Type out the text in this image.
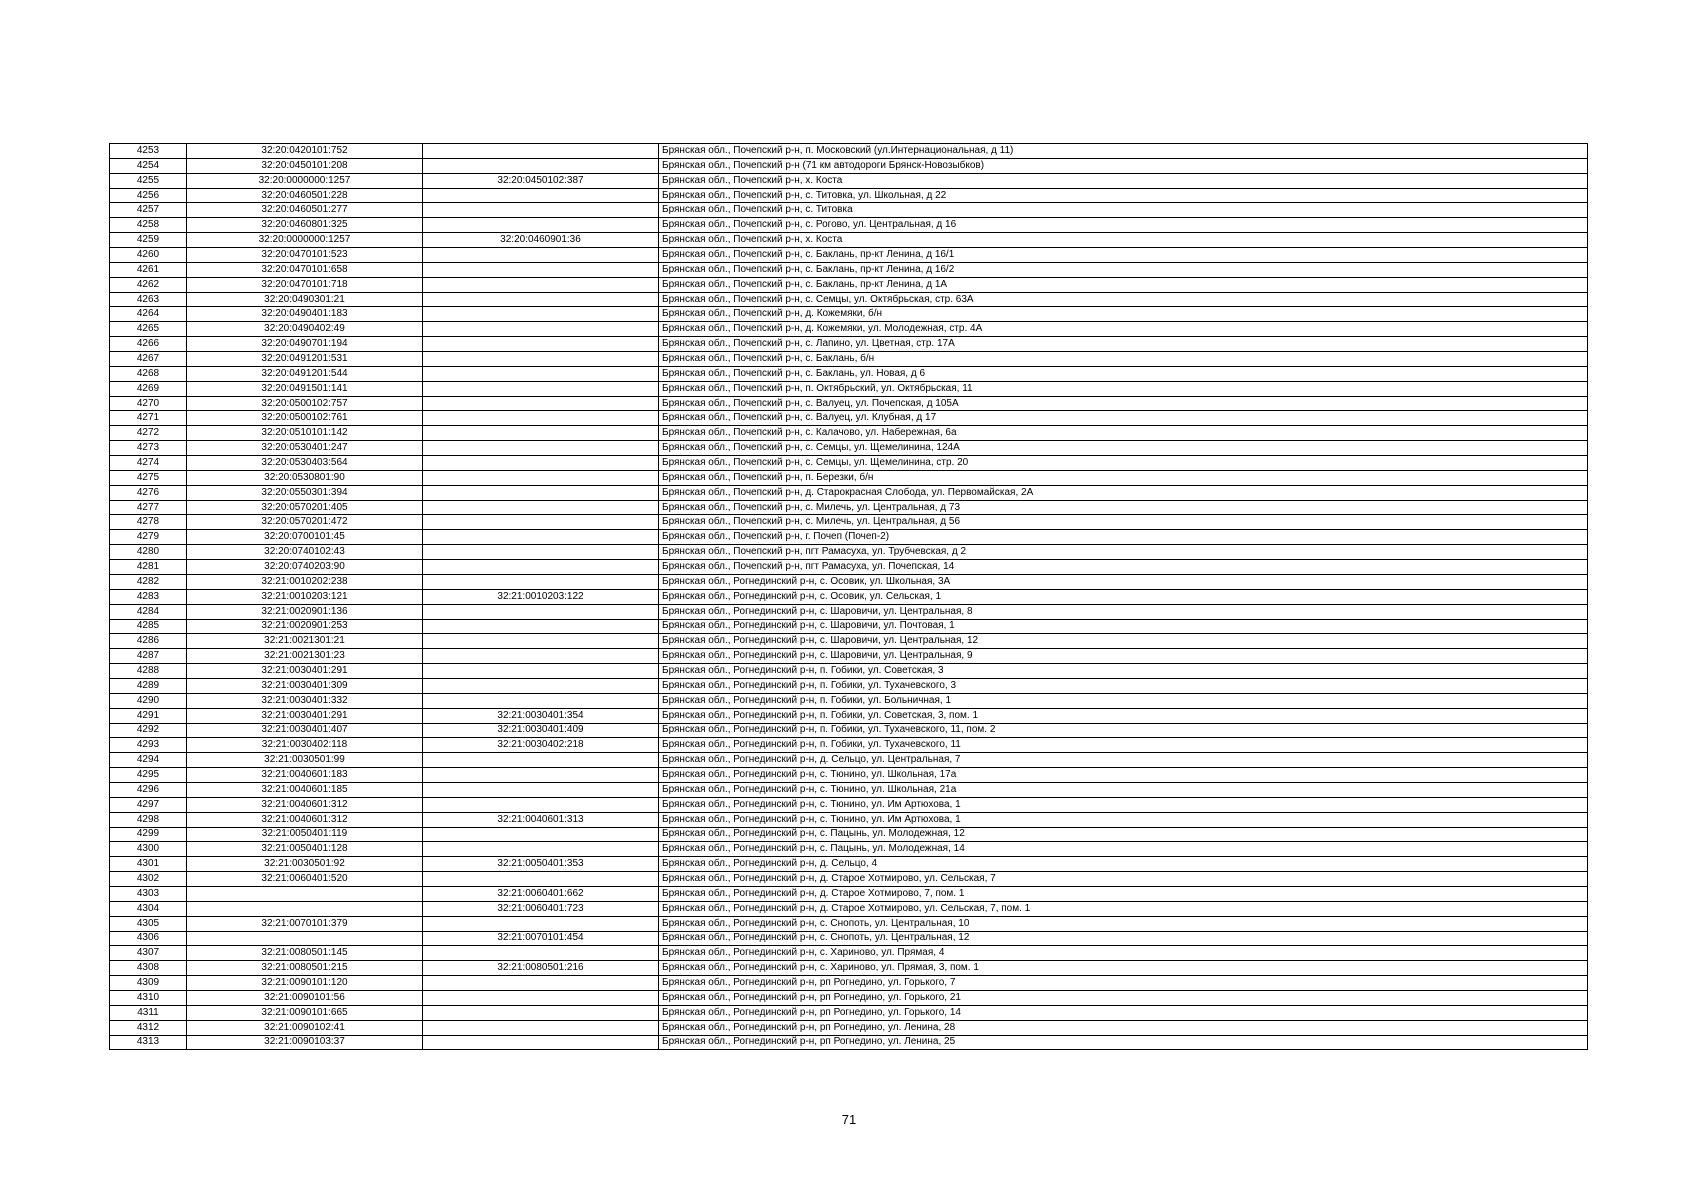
4253	32:20:0420101:752		Брянская обл., Почепский р-н, п. Московский (ул.Интернациональная, д 11)
4254	32:20:0450101:208		Брянская обл., Почепский р-н (71 км автодороги Брянск-Новозыбков)
4255	32:20:0000000:1257	32:20:0450102:387	Брянская обл., Почепский р-н, х. Коста
4256	32:20:0460501:228		Брянская обл., Почепский р-н, с. Титовка, ул. Школьная, д 22
4257	32:20:0460501:277		Брянская обл., Почепский р-н, с. Титовка
4258	32:20:0460801:325		Брянская обл., Почепский р-н, с. Рогово, ул. Центральная, д 16
4259	32:20:0000000:1257	32:20:0460901:36	Брянская обл., Почепский р-н, х. Коста
4260	32:20:0470101:523		Брянская обл., Почепский р-н, с. Баклань, пр-кт Ленина, д 16/1
4261	32:20:0470101:658		Брянская обл., Почепский р-н, с. Баклань, пр-кт Ленина, д 16/2
4262	32:20:0470101:718		Брянская обл., Почепский р-н, с. Баклань, пр-кт Ленина, д 1А
4263	32:20:0490301:21		Брянская обл., Почепский р-н, с. Семцы, ул. Октябрьская, стр. 63А
4264	32:20:0490401:183		Брянская обл., Почепский р-н, д. Кожемяки, б/н
4265	32:20:0490402:49		Брянская обл., Почепский р-н, д. Кожемяки, ул. Молодежная, стр. 4А
4266	32:20:0490701:194		Брянская обл., Почепский р-н, с. Лапино, ул. Цветная, стр. 17А
4267	32:20:0491201:531		Брянская обл., Почепский р-н, с. Баклань, б/н
4268	32:20:0491201:544		Брянская обл., Почепский р-н, с. Баклань, ул. Новая, д 6
4269	32:20:0491501:141		Брянская обл., Почепский р-н, п. Октябрьский, ул. Октябрьская, 11
4270	32:20:0500102:757		Брянская обл., Почепский р-н, с. Валуец, ул. Почепская, д 105А
4271	32:20:0500102:761		Брянская обл., Почепский р-н, с. Валуец, ул. Клубная, д 17
4272	32:20:0510101:142		Брянская обл., Почепский р-н, с. Калачово, ул. Набережная, 6а
4273	32:20:0530401:247		Брянская обл., Почепский р-н, с. Семцы, ул. Щемелинина, 124А
4274	32:20:0530403:564		Брянская обл., Почепский р-н, с. Семцы, ул. Щемелинина, стр. 20
4275	32:20:0530801:90		Брянская обл., Почепский р-н, п. Березки, б/н
4276	32:20:0550301:394		Брянская обл., Почепский р-н, д. Старокрасная Слобода, ул. Первомайская, 2А
4277	32:20:0570201:405		Брянская обл., Почепский р-н, с. Милечь, ул. Центральная, д 73
4278	32:20:0570201:472		Брянская обл., Почепский р-н, с. Милечь, ул. Центральная, д 56
4279	32:20:0700101:45		Брянская обл., Почепский р-н, г. Почеп (Почеп-2)
4280	32:20:0740102:43		Брянская обл., Почепский р-н, пгт Рамасуха, ул. Трубчевская, д 2
4281	32:20:0740203:90		Брянская обл., Почепский р-н, пгт Рамасуха, ул. Почепская, 14
4282	32:21:0010202:238		Брянская обл., Рогнединский р-н, с. Осовик, ул. Школьная, 3А
4283	32:21:0010203:121	32:21:0010203:122	Брянская обл., Рогнединский р-н, с. Осовик, ул. Сельская, 1
4284	32:21:0020901:136		Брянская обл., Рогнединский р-н, с. Шаровичи, ул. Центральная, 8
4285	32:21:0020901:253		Брянская обл., Рогнединский р-н, с. Шаровичи, ул. Почтовая, 1
4286	32:21:0021301:21		Брянская обл., Рогнединский р-н, с. Шаровичи, ул. Центральная, 12
4287	32:21:0021301:23		Брянская обл., Рогнединский р-н, с. Шаровичи, ул. Центральная, 9
4288	32:21:0030401:291		Брянская обл., Рогнединский р-н, п. Гобики, ул. Советская, 3
4289	32:21:0030401:309		Брянская обл., Рогнединский р-н, п. Гобики, ул. Тухачевского, 3
4290	32:21:0030401:332		Брянская обл., Рогнединский р-н, п. Гобики, ул. Больничная, 1
4291	32:21:0030401:291	32:21:0030401:354	Брянская обл., Рогнединский р-н, п. Гобики, ул. Советская, 3, пом. 1
4292	32:21:0030401:407	32:21:0030401:409	Брянская обл., Рогнединский р-н, п. Гобики, ул. Тухачевского, 11, пом. 2
4293	32:21:0030402:118	32:21:0030402:218	Брянская обл., Рогнединский р-н, п. Гобики, ул. Тухачевского, 11
4294	32:21:0030501:99		Брянская обл., Рогнединский р-н, д. Сельцо, ул. Центральная, 7
4295	32:21:0040601:183		Брянская обл., Рогнединский р-н, с. Тюнино, ул. Школьная, 17а
4296	32:21:0040601:185		Брянская обл., Рогнединский р-н, с. Тюнино, ул. Школьная, 21а
4297	32:21:0040601:312		Брянская обл., Рогнединский р-н, с. Тюнино, ул. Им Артюхова, 1
4298	32:21:0040601:312	32:21:0040601:313	Брянская обл., Рогнединский р-н, с. Тюнино, ул. Им Артюхова, 1
4299	32:21:0050401:119		Брянская обл., Рогнединский р-н, с. Пацынь, ул. Молодежная, 12
4300	32:21:0050401:128		Брянская обл., Рогнединский р-н, с. Пацынь, ул. Молодежная, 14
4301	32:21:0030501:92	32:21:0050401:353	Брянская обл., Рогнединский р-н, д. Сельцо, 4
4302	32:21:0060401:520		Брянская обл., Рогнединский р-н, д. Старое Хотмирово, ул. Сельская, 7
4303		32:21:0060401:662	Брянская обл., Рогнединский р-н, д. Старое Хотмирово, 7, пом. 1
4304		32:21:0060401:723	Брянская обл., Рогнединский р-н, д. Старое Хотмирово, ул. Сельская, 7, пом. 1
4305	32:21:0070101:379		Брянская обл., Рогнединский р-н, с. Снопоть, ул. Центральная, 10
4306		32:21:0070101:454	Брянская обл., Рогнединский р-н, с. Снопоть, ул. Центральная, 12
4307	32:21:0080501:145		Брянская обл., Рогнединский р-н, с. Хариново, ул. Прямая, 4
4308	32:21:0080501:215	32:21:0080501:216	Брянская обл., Рогнединский р-н, с. Хариново, ул. Прямая, 3, пом. 1
4309	32:21:0090101:120		Брянская обл., Рогнединский р-н, рп Рогнедино, ул. Горького, 7
4310	32:21:0090101:56		Брянская обл., Рогнединский р-н, рп Рогнедино, ул. Горького, 21
4311	32:21:0090101:665		Брянская обл., Рогнединский р-н, рп Рогнедино, ул. Горького, 14
4312	32:21:0090102:41		Брянская обл., Рогнединский р-н, рп Рогнедино, ул. Ленина, 28
4313	32:21:0090103:37		Брянская обл., Рогнединский р-н, рп Рогнедино, ул. Ленина, 25
71
